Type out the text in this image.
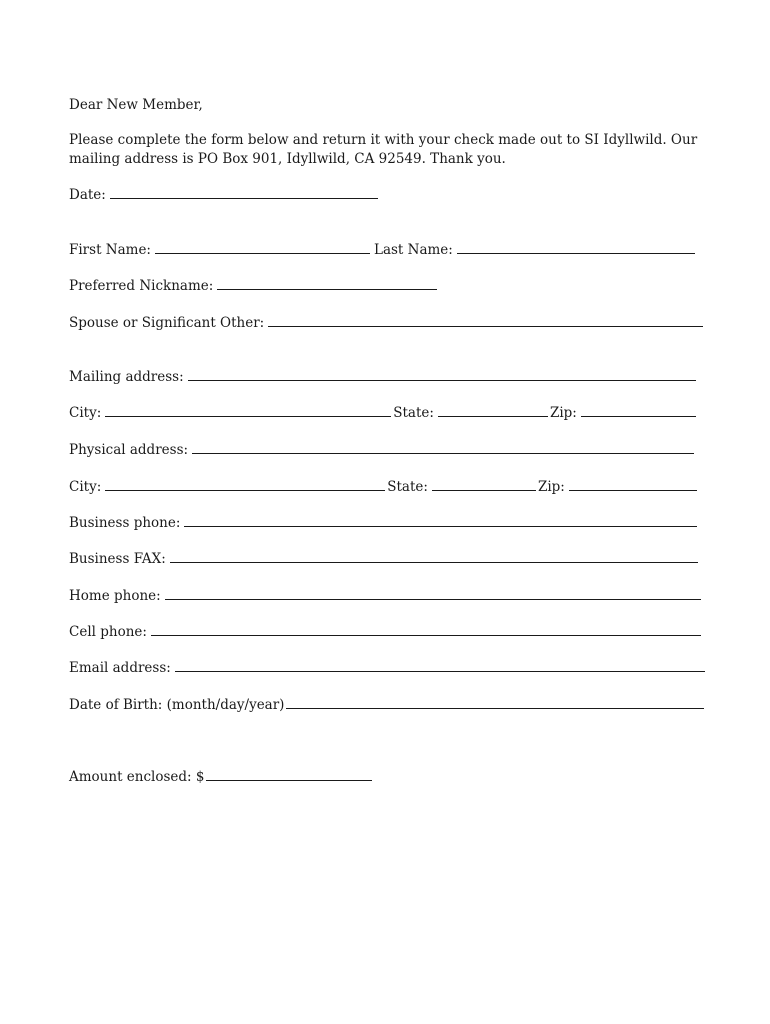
Dear New Member,
Please complete the form below and return it with your check made out to SI Idyllwild. Our
mailing address is PO Box 901, Idyllwild, CA 92549. Thank you.
Date:
First Name:	Last Name:
Preferred Nickname:
Spouse or Significant Other:
Mailing address:
City:	State:	Zip:
Physical address:
City:	State:	Zip:
Business phone:
Business FAX:
Home phone:
Cell phone:
Email address:
Date of Birth: (month/day/year)
Amount enclosed: $
